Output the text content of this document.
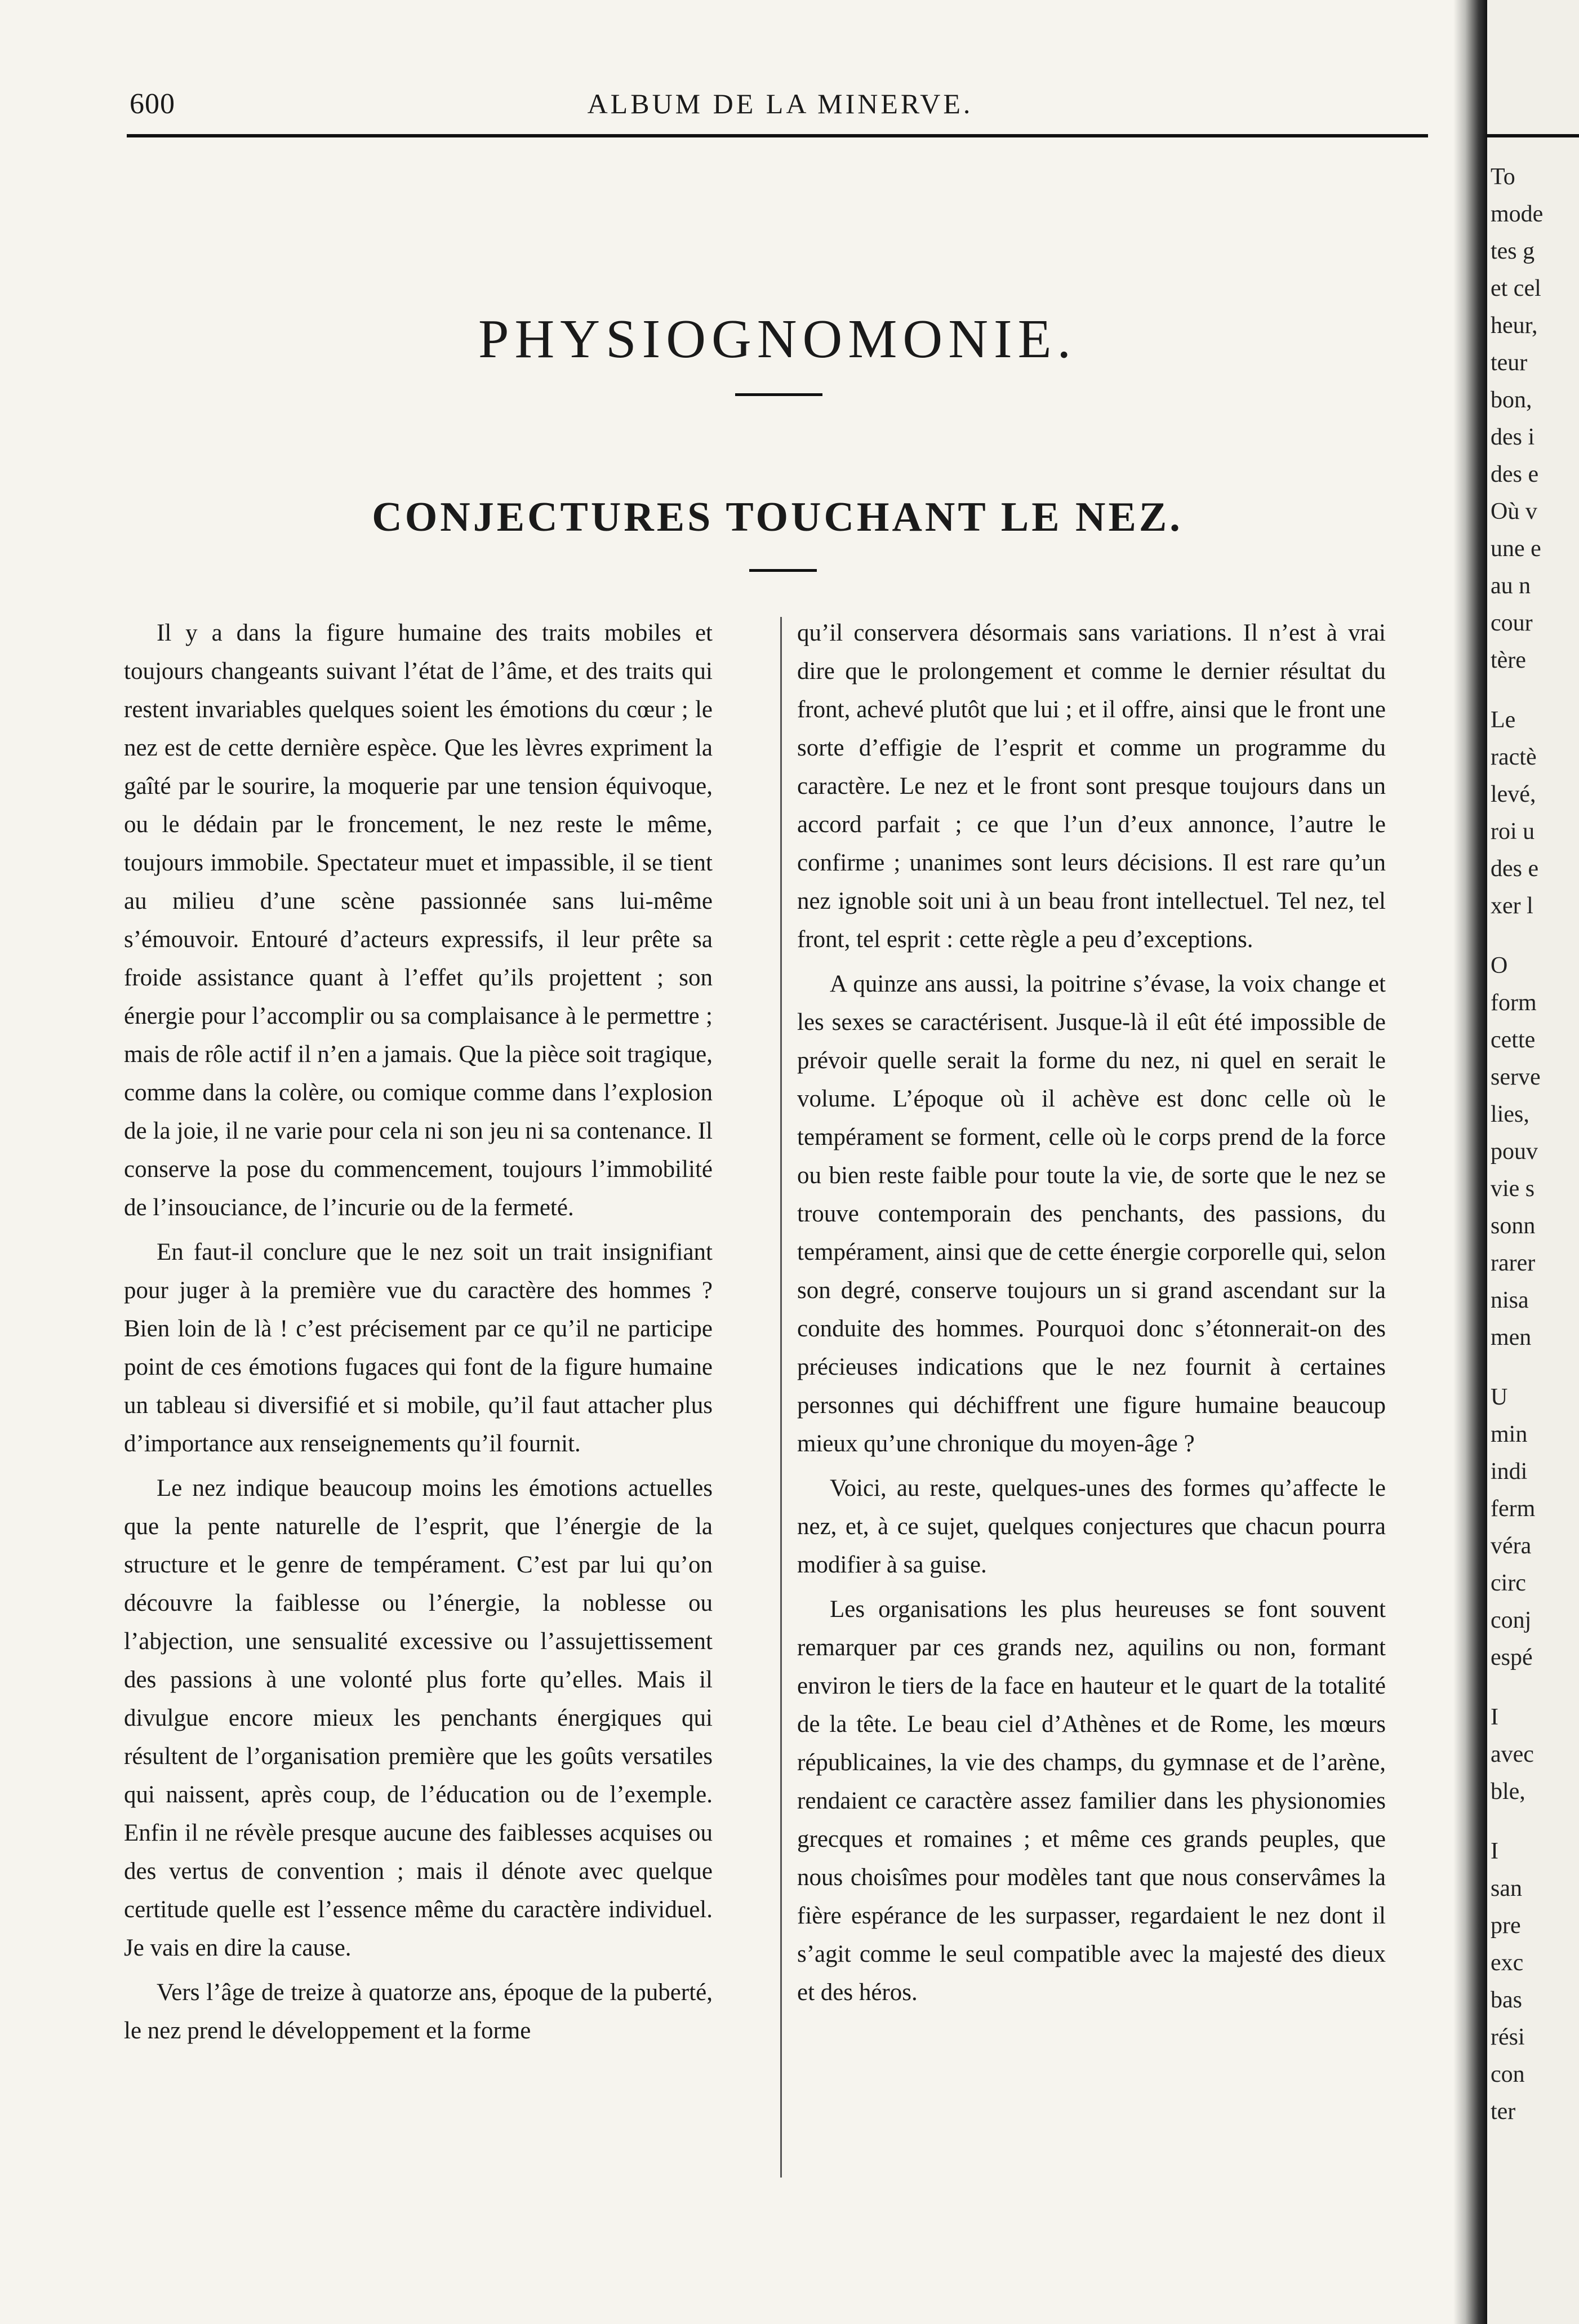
600	ALBUM DE LA MINERVE.
PHYSIOGNOMONIE.
CONJECTURES TOUCHANT LE NEZ.

Il y a dans la figure humaine des traits mobiles et toujours changeants suivant l’état de l’âme, et des traits qui restent invariables quelques soient les émotions du cœur ; le nez est de cette dernière espèce. Que les lèvres expriment la gaîté par le sourire, la moquerie par une tension équivoque, ou le dédain par le froncement, le nez reste le même, toujours immobile. Spectateur muet et impassible, il se tient au milieu d’une scène passionnée sans lui-même s’émouvoir. Entouré d’acteurs expressifs, il leur prête sa froide assistance quant à l’effet qu’ils projettent ; son énergie pour l’accomplir ou sa complaisance à le permettre ; mais de rôle actif il n’en a jamais. Que la pièce soit tragique, comme dans la colère, ou comique comme dans l’explosion de la joie, il ne varie pour cela ni son jeu ni sa contenance. Il conserve la pose du commencement, toujours l’immobilité de l’insouciance, de l’incurie ou de la fermeté.

En faut-il conclure que le nez soit un trait insignifiant pour juger à la première vue du caractère des hommes ? Bien loin de là ! c’est précisement par ce qu’il ne participe point de ces émotions fugaces qui font de la figure humaine un tableau si diversifié et si mobile, qu’il faut attacher plus d’importance aux renseignements qu’il fournit.

Le nez indique beaucoup moins les émotions actuelles que la pente naturelle de l’esprit, que l’énergie de la structure et le genre de tempérament. C’est par lui qu’on découvre la faiblesse ou l’énergie, la noblesse ou l’abjection, une sensualité excessive ou l’assujettissement des passions à une volonté plus forte qu’elles. Mais il divulgue encore mieux les penchants énergiques qui résultent de l’organisation première que les goûts versatiles qui naissent, après coup, de l’éducation ou de l’exemple. Enfin il ne révèle presque aucune des faiblesses acquises ou des vertus de convention ; mais il dénote avec quelque certitude quelle est l’essence même du caractère individuel. Je vais en dire la cause.

Vers l’âge de treize à quatorze ans, époque de la puberté, le nez prend le développement et la forme

qu’il conservera désormais sans variations. Il n’est à vrai dire que le prolongement et comme le dernier résultat du front, achevé plutôt que lui ; et il offre, ainsi que le front une sorte d’effigie de l’esprit et comme un programme du caractère. Le nez et le front sont presque toujours dans un accord parfait ; ce que l’un d’eux annonce, l’autre le confirme ; unanimes sont leurs décisions. Il est rare qu’un nez ignoble soit uni à un beau front intellectuel. Tel nez, tel front, tel esprit : cette règle a peu d’exceptions.

A quinze ans aussi, la poitrine s’évase, la voix change et les sexes se caractérisent. Jusque-là il eût été impossible de prévoir quelle serait la forme du nez, ni quel en serait le volume. L’époque où il achève est donc celle où le tempérament se forment, celle où le corps prend de la force ou bien reste faible pour toute la vie, de sorte que le nez se trouve contemporain des penchants, des passions, du tempérament, ainsi que de cette énergie corporelle qui, selon son degré, conserve toujours un si grand ascendant sur la conduite des hommes. Pourquoi donc s’étonnerait-on des précieuses indications que le nez fournit à certaines personnes qui déchiffrent une figure humaine beaucoup mieux qu’une chronique du moyen-âge ?

Voici, au reste, quelques-unes des formes qu’affecte le nez, et, à ce sujet, quelques conjectures que chacun pourra modifier à sa guise.

Les organisations les plus heureuses se font souvent remarquer par ces grands nez, aquilins ou non, formant environ le tiers de la face en hauteur et le quart de la totalité de la tête. Le beau ciel d’Athènes et de Rome, les mœurs républicaines, la vie des champs, du gymnase et de l’arène, rendaient ce caractère assez familier dans les physionomies grecques et romaines ; et même ces grands peuples, que nous choisîmes pour modèles tant que nous conservâmes la fière espérance de les surpasser, regardaient le nez dont il s’agit comme le seul compatible avec la majesté des dieux et des héros.

To
mode
tes g
et cel
heur,
teur
bon,
des i
des e
Où v
une e
au n
cour
tère
Le
ractè
levé,
roi u
des e
xer l
O
form
cette
serve
lies,
pouv
vie s
sonn
rarer
nisa
men
U
min
indi
ferm
véra
circ
conj
espé
I
avec
ble,
I
san
pre
exc
bas
rési
con
ter
